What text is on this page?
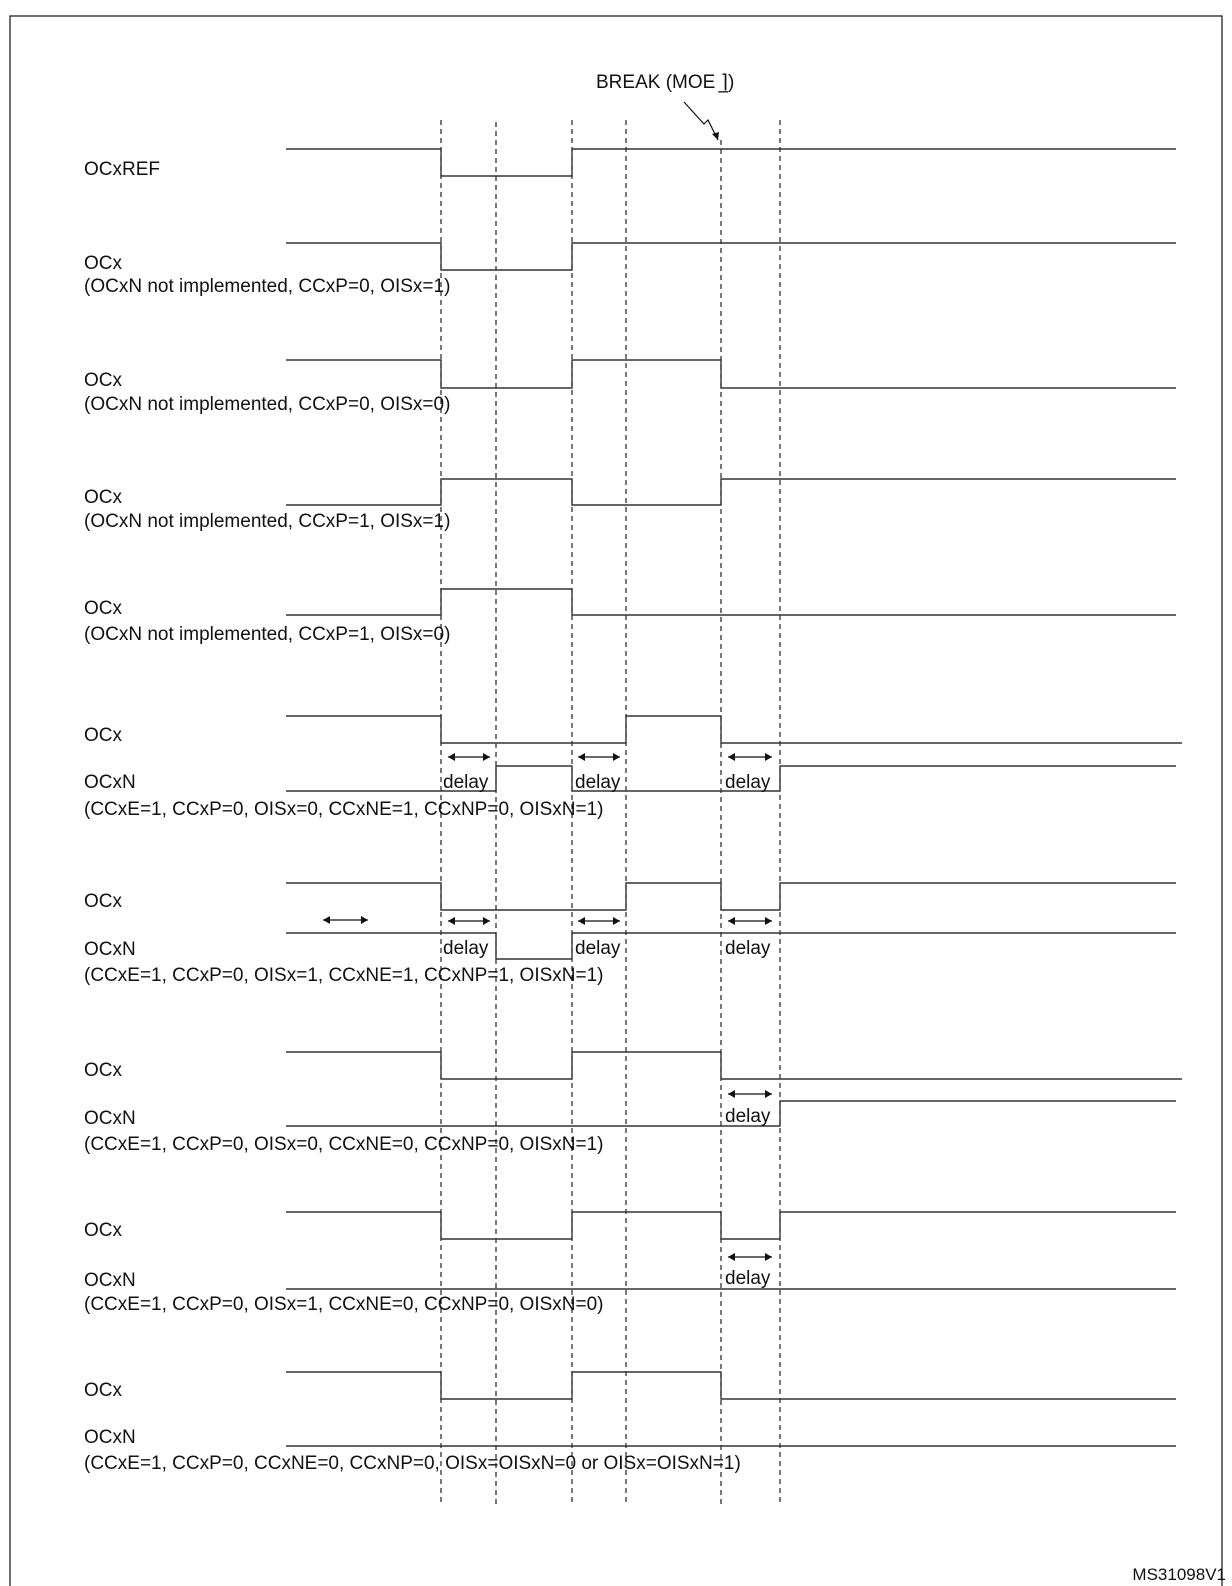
BREAK (MOE ⌉̲)
OCxREF
OCx
(OCxN not implemented, CCxP=0, OISx=1)
OCx
(OCxN not implemented, CCxP=0, OISx=0)
OCx
(OCxN not implemented, CCxP=1, OISx=1)
OCx
(OCxN not implemented, CCxP=1, OISx=0)
OCx
OCxN
(CCxE=1, CCxP=0, OISx=0, CCxNE=1, CCxNP=0, OISxN=1)
delay	delay	delay
OCx
OCxN
(CCxE=1, CCxP=0, OISx=1, CCxNE=1, CCxNP=1, OISxN=1)
delay	delay	delay
OCx
OCxN
(CCxE=1, CCxP=0, OISx=0, CCxNE=0, CCxNP=0, OISxN=1)
delay
OCx
OCxN
(CCxE=1, CCxP=0, OISx=1, CCxNE=0, CCxNP=0, OISxN=0)
delay
OCx
OCxN
(CCxE=1, CCxP=0, CCxNE=0, CCxNP=0, OISx=OISxN=0 or OISx=OISxN=1)
MS31098V1
